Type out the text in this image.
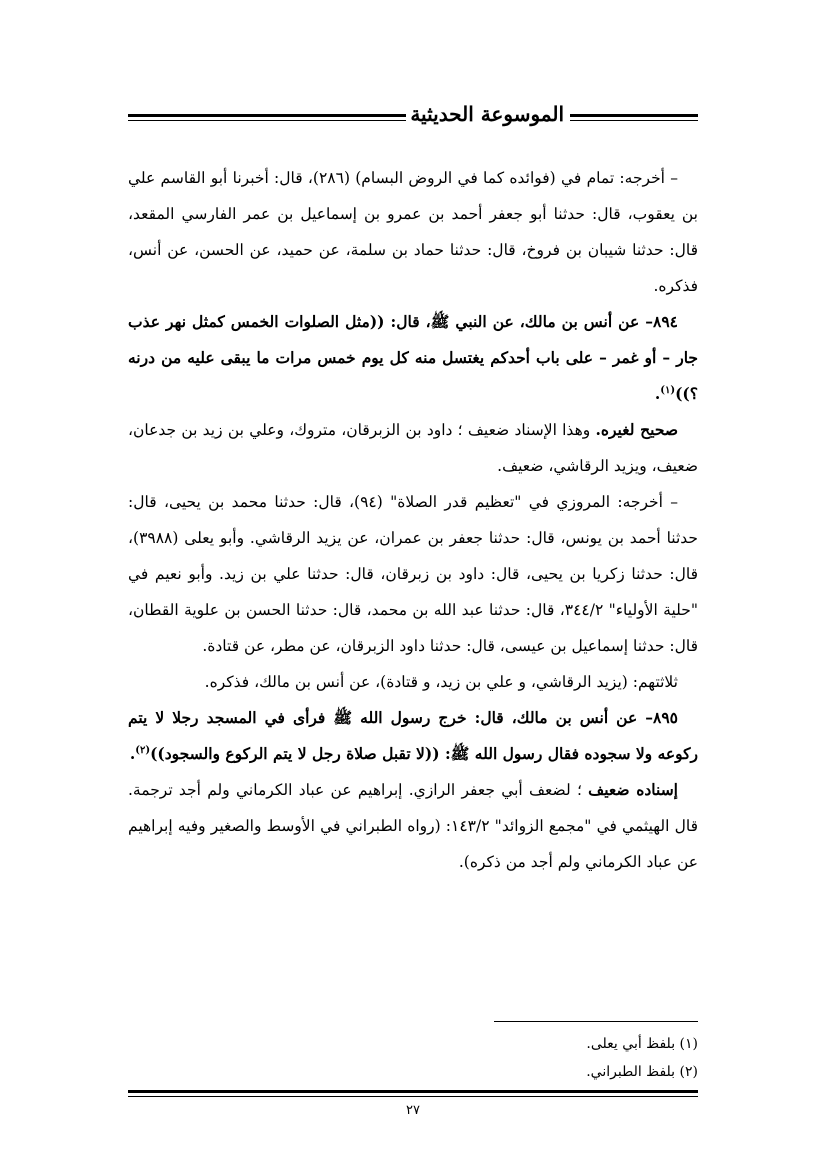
الموسوعة الحديثية

– أخرجه: تمام في (فوائده كما في الروض البسام) (٢٨٦)، قال: أخبرنا أبو القاسم علي بن يعقوب، قال: حدثنا أبو جعفر أحمد بن عمرو بن إسماعيل بن عمر الفارسي المقعد، قال: حدثنا شيبان بن فروخ، قال: حدثنا حماد بن سلمة، عن حميد، عن الحسن، عن أنس، فذكره.

٨٩٤– عن أنس بن مالك، عن النبي ﷺ، قال: ((مثل الصلوات الخمس كمثل نهر عذب جار – أو غمر – على باب أحدكم يغتسل منه كل يوم خمس مرات ما يبقى عليه من درنه ؟))$^{(١)}$.

صحيح لغيره. وهذا الإسناد ضعيف ؛ داود بن الزبرقان، متروك، وعلي بن زيد بن جدعان، ضعيف، ويزيد الرقاشي، ضعيف.

– أخرجه: المروزي في "تعظيم قدر الصلاة" (٩٤)، قال: حدثنا محمد بن يحيى، قال: حدثنا أحمد بن يونس، قال: حدثنا جعفر بن عمران، عن يزيد الرقاشي. وأبو يعلى (٣٩٨٨)، قال: حدثنا زكريا بن يحيى، قال: داود بن زبرقان، قال: حدثنا علي بن زيد. وأبو نعيم في "حلية الأولياء" ٣٤٤/٢، قال: حدثنا عبد الله بن محمد، قال: حدثنا الحسن بن علوية القطان، قال: حدثنا إسماعيل بن عيسى، قال: حدثنا داود الزبرقان، عن مطر، عن قتادة.

ثلاثتهم: (يزيد الرقاشي، و علي بن زيد، و قتادة)، عن أنس بن مالك، فذكره.

٨٩٥– عن أنس بن مالك، قال: خرج رسول الله ﷺ فرأى في المسجد رجلا لا يتم ركوعه ولا سجوده فقال رسول الله ﷺ: ((لا تقبل صلاة رجل لا يتم الركوع والسجود))$^{(٢)}$.

إسناده ضعيف ؛ لضعف أبي جعفر الرازي. إبراهيم عن عباد الكرماني ولم أجد ترجمة. قال الهيثمي في "مجمع الزوائد" ١٤٣/٢: (رواه الطبراني في الأوسط والصغير وفيه إبراهيم عن عباد الكرماني ولم أجد من ذكره).

(١) بلفظ أبي يعلى.
(٢) بلفظ الطبراني.
٢٧
